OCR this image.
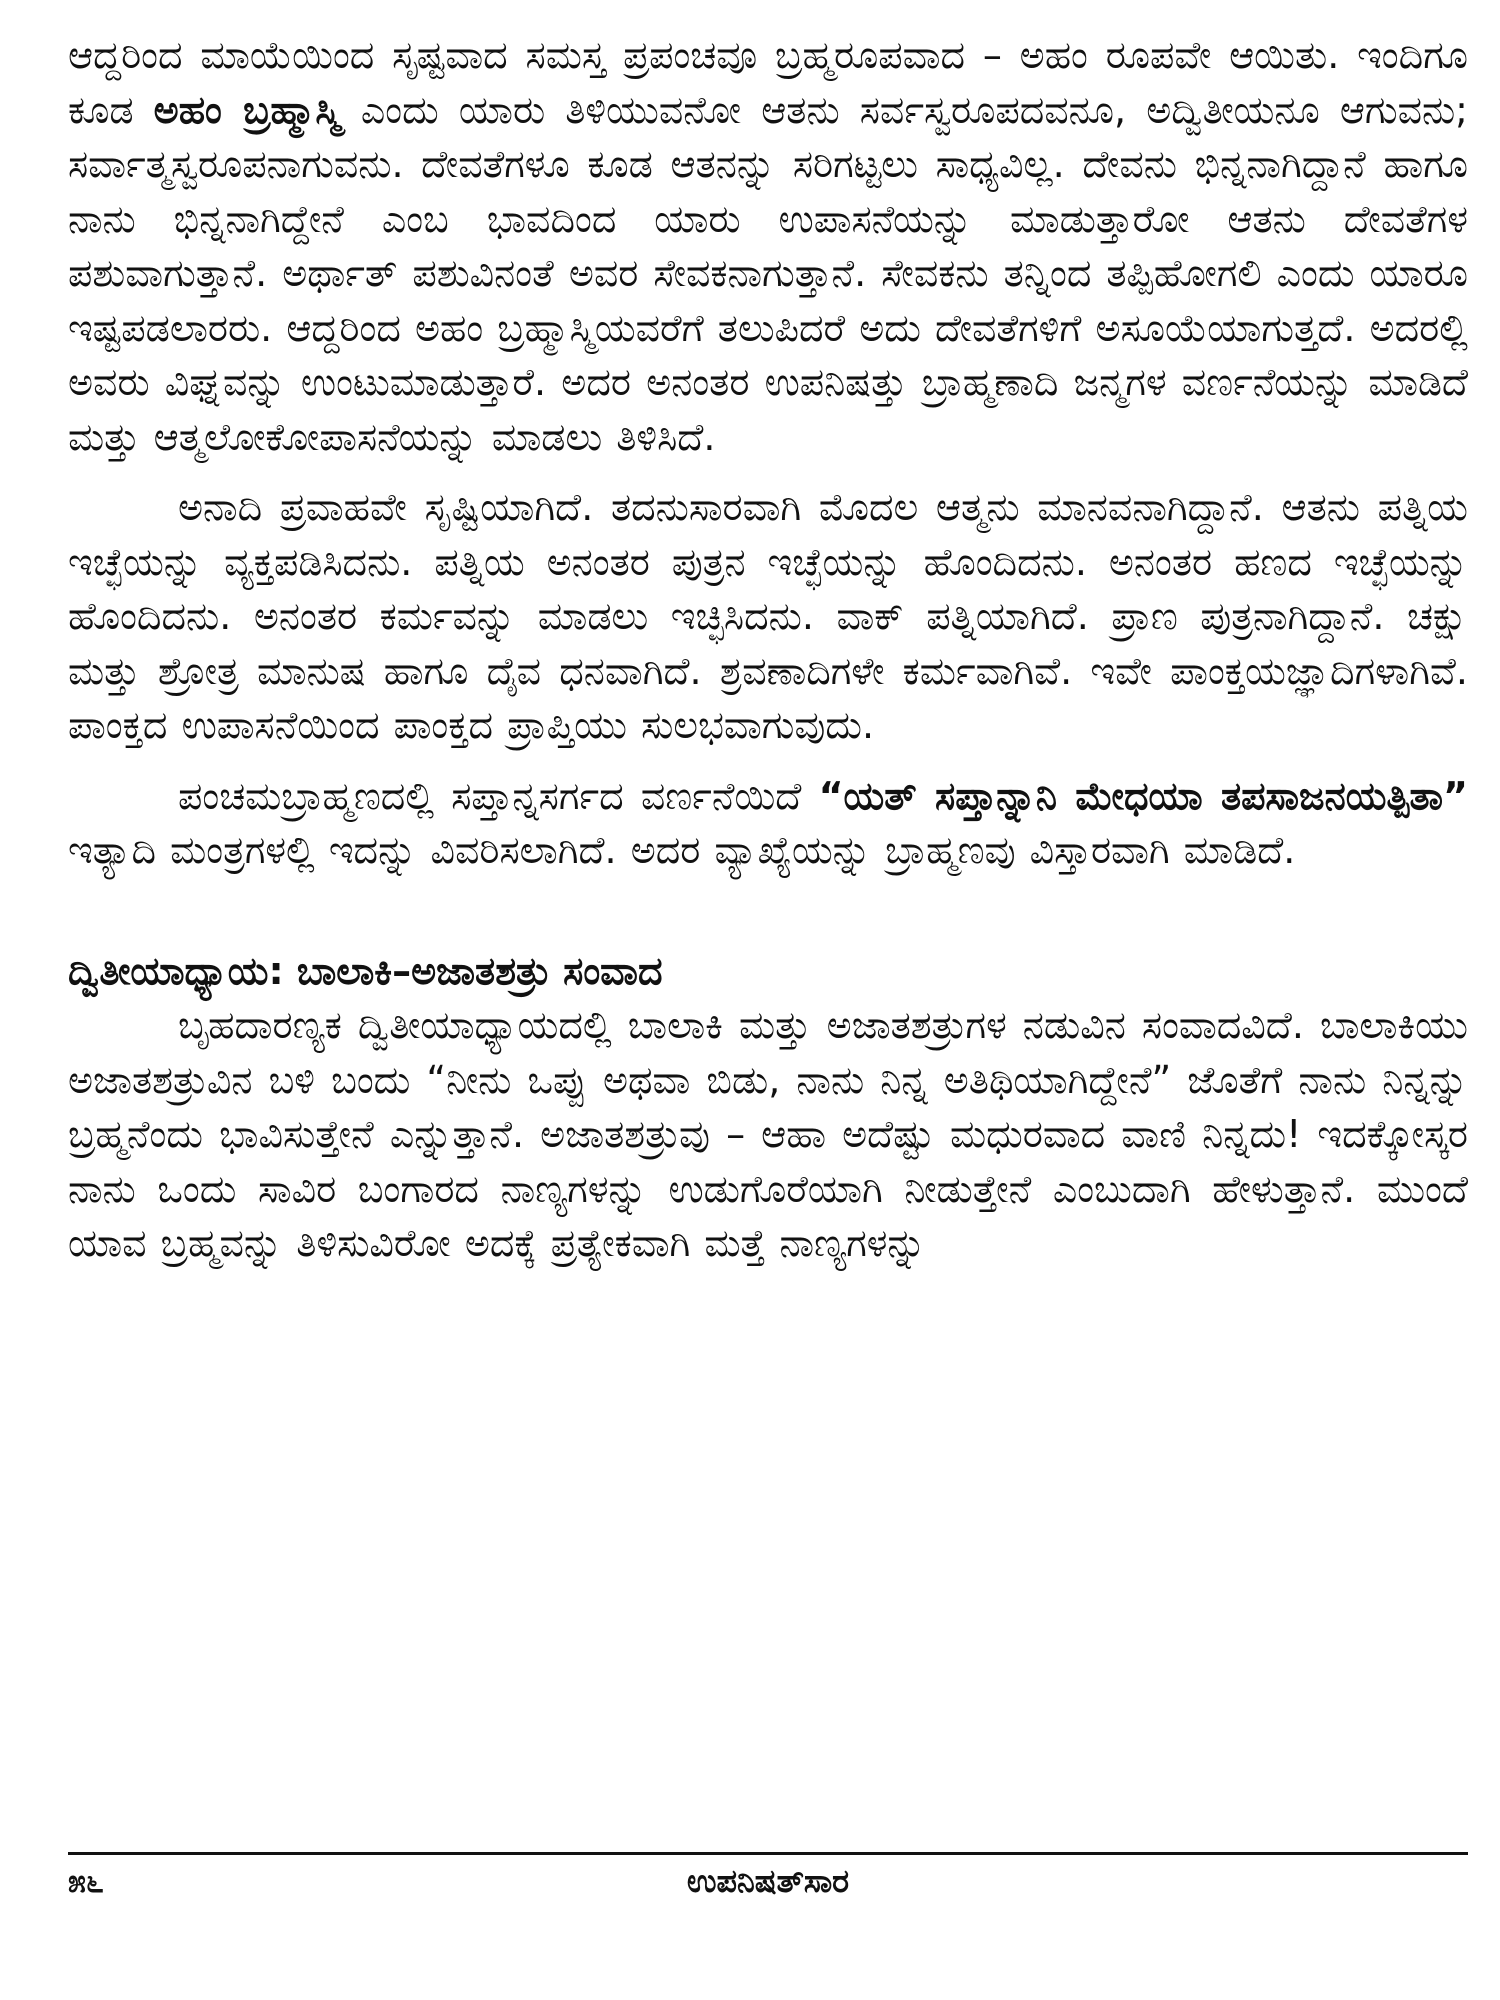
ಆದ್ದರಿಂದ ಮಾಯೆಯಿಂದ ಸೃಷ್ಟವಾದ ಸಮಸ್ತ ಪ್ರಪಂಚವೂ ಬ್ರಹ್ಮರೂಪವಾದ – ಅಹಂ ರೂಪವೇ ಆಯಿತು. ಇಂದಿಗೂ ಕೂಡ ಅಹಂ ಬ್ರಹ್ಮಾಸ್ಮಿ ಎಂದು ಯಾರು ತಿಳಿಯುವನೋ ಆತನು ಸರ್ವಸ್ವರೂಪದವನೂ, ಅದ್ವಿತೀಯನೂ ಆಗುವನು; ಸರ್ವಾತ್ಮಸ್ವರೂಪನಾಗುವನು. ದೇವತೆಗಳೂ ಕೂಡ ಆತನನ್ನು ಸರಿಗಟ್ಟಲು ಸಾಧ್ಯವಿಲ್ಲ. ದೇವನು ಭಿನ್ನನಾಗಿದ್ದಾನೆ ಹಾಗೂ ನಾನು ಭಿನ್ನನಾಗಿದ್ದೇನೆ ಎಂಬ ಭಾವದಿಂದ ಯಾರು ಉಪಾಸನೆಯನ್ನು ಮಾಡುತ್ತಾರೋ ಆತನು ದೇವತೆಗಳ ಪಶುವಾಗುತ್ತಾನೆ. ಅರ್ಥಾತ್ ಪಶುವಿನಂತೆ ಅವರ ಸೇವಕನಾಗುತ್ತಾನೆ. ಸೇವಕನು ತನ್ನಿಂದ ತಪ್ಪಿಹೋಗಲಿ ಎಂದು ಯಾರೂ ಇಷ್ಟಪಡಲಾರರು. ಆದ್ದರಿಂದ ಅಹಂ ಬ್ರಹ್ಮಾಸ್ಮಿಯವರೆಗೆ ತಲುಪಿದರೆ ಅದು ದೇವತೆಗಳಿಗೆ ಅಸೂಯೆಯಾಗುತ್ತದೆ. ಅದರಲ್ಲಿ ಅವರು ವಿಘ್ನವನ್ನು ಉಂಟುಮಾಡುತ್ತಾರೆ. ಅದರ ಅನಂತರ ಉಪನಿಷತ್ತು ಬ್ರಾಹ್ಮಣಾದಿ ಜನ್ಮಗಳ ವರ್ಣನೆಯನ್ನು ಮಾಡಿದೆ ಮತ್ತು ಆತ್ಮಲೋಕೋಪಾಸನೆಯನ್ನು ಮಾಡಲು ತಿಳಿಸಿದೆ.

ಅನಾದಿ ಪ್ರವಾಹವೇ ಸೃಷ್ಟಿಯಾಗಿದೆ. ತದನುಸಾರವಾಗಿ ಮೊದಲ ಆತ್ಮನು ಮಾನವನಾಗಿದ್ದಾನೆ. ಆತನು ಪತ್ನಿಯ ಇಚ್ಛೆಯನ್ನು ವ್ಯಕ್ತಪಡಿಸಿದನು. ಪತ್ನಿಯ ಅನಂತರ ಪುತ್ರನ ಇಚ್ಛೆಯನ್ನು ಹೊಂದಿದನು. ಅನಂತರ ಹಣದ ಇಚ್ಛೆಯನ್ನು ಹೊಂದಿದನು. ಅನಂತರ ಕರ್ಮವನ್ನು ಮಾಡಲು ಇಚ್ಛಿಸಿದನು. ವಾಕ್ ಪತ್ನಿಯಾಗಿದೆ. ಪ್ರಾಣ ಪುತ್ರನಾಗಿದ್ದಾನೆ. ಚಕ್ಷು ಮತ್ತು ಶ್ರೋತ್ರ ಮಾನುಷ ಹಾಗೂ ದೈವ ಧನವಾಗಿದೆ. ಶ್ರವಣಾದಿಗಳೇ ಕರ್ಮವಾಗಿವೆ. ಇವೇ ಪಾಂಕ್ತಯಜ್ಞಾದಿಗಳಾಗಿವೆ. ಪಾಂಕ್ತದ ಉಪಾಸನೆಯಿಂದ ಪಾಂಕ್ತದ ಪ್ರಾಪ್ತಿಯು ಸುಲಭವಾಗುವುದು.

ಪಂಚಮಬ್ರಾಹ್ಮಣದಲ್ಲಿ ಸಪ್ತಾನ್ನಸರ್ಗದ ವರ್ಣನೆಯಿದೆ “ಯತ್ ಸಪ್ತಾನ್ನಾನಿ ಮೇಧಯಾ ತಪಸಾಜನಯತ್ಪಿತಾ” ಇತ್ಯಾದಿ ಮಂತ್ರಗಳಲ್ಲಿ ಇದನ್ನು ವಿವರಿಸಲಾಗಿದೆ. ಅದರ ವ್ಯಾಖ್ಯೆಯನ್ನು ಬ್ರಾಹ್ಮಣವು ವಿಸ್ತಾರವಾಗಿ ಮಾಡಿದೆ.

ದ್ವಿತೀಯಾಧ್ಯಾಯ: ಬಾಲಾಕಿ–ಅಜಾತಶತ್ರು ಸಂವಾದ

ಬೃಹದಾರಣ್ಯಕ ದ್ವಿತೀಯಾಧ್ಯಾಯದಲ್ಲಿ ಬಾಲಾಕಿ ಮತ್ತು ಅಜಾತಶತ್ರುಗಳ ನಡುವಿನ ಸಂವಾದವಿದೆ. ಬಾಲಾಕಿಯು ಅಜಾತಶತ್ರುವಿನ ಬಳಿ ಬಂದು “ನೀನು ಒಪ್ಪು ಅಥವಾ ಬಿಡು, ನಾನು ನಿನ್ನ ಅತಿಥಿಯಾಗಿದ್ದೇನೆ” ಜೊತೆಗೆ ನಾನು ನಿನ್ನನ್ನು ಬ್ರಹ್ಮನೆಂದು ಭಾವಿಸುತ್ತೇನೆ ಎನ್ನುತ್ತಾನೆ. ಅಜಾತಶತ್ರುವು – ಆಹಾ ಅದೆಷ್ಟು ಮಧುರವಾದ ವಾಣಿ ನಿನ್ನದು! ಇದಕ್ಕೋಸ್ಕರ ನಾನು ಒಂದು ಸಾವಿರ ಬಂಗಾರದ ನಾಣ್ಯಗಳನ್ನು ಉಡುಗೊರೆಯಾಗಿ ನೀಡುತ್ತೇನೆ ಎಂಬುದಾಗಿ ಹೇಳುತ್ತಾನೆ. ಮುಂದೆ ಯಾವ ಬ್ರಹ್ಮವನ್ನು ತಿಳಿಸುವಿರೋ ಅದಕ್ಕೆ ಪ್ರತ್ಯೇಕವಾಗಿ ಮತ್ತೆ ನಾಣ್ಯಗಳನ್ನು

೫೬	ಉಪನಿಷತ್‌ಸಾರ
